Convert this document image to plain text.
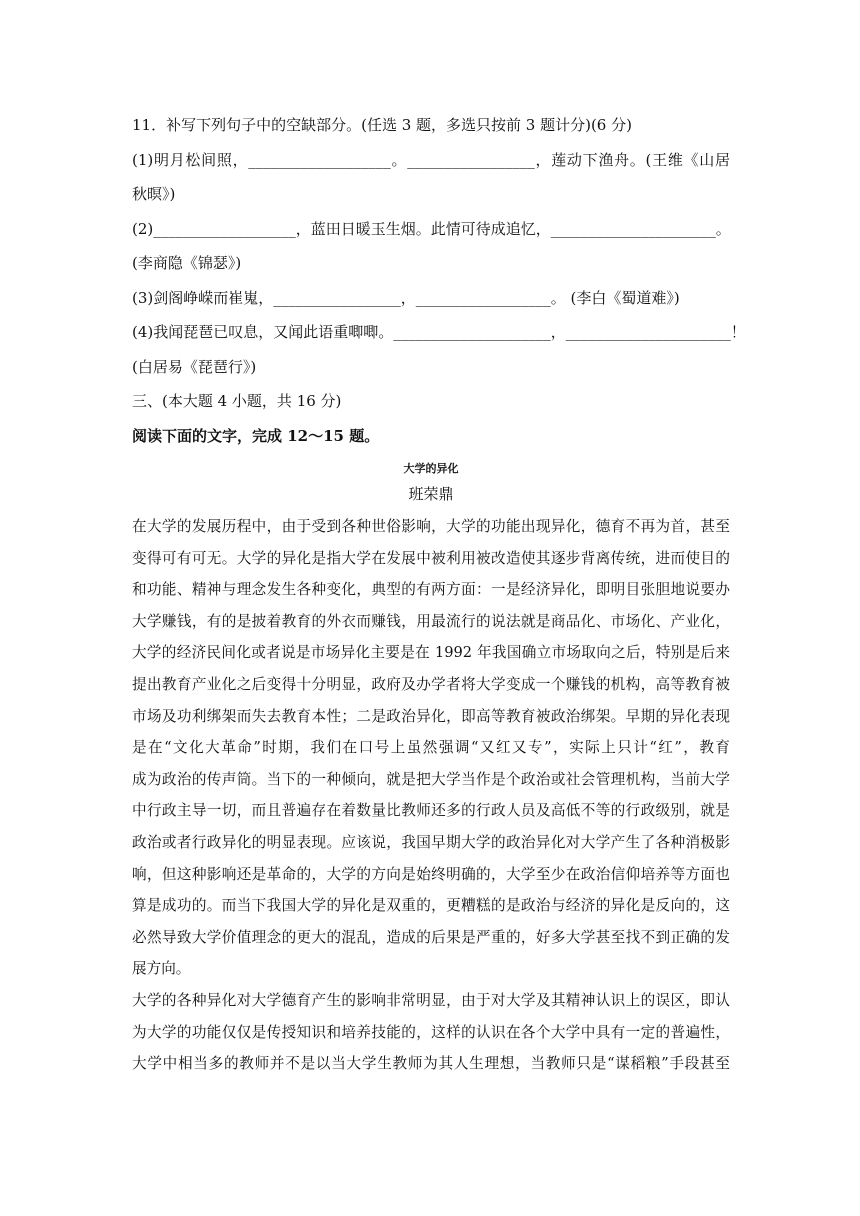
11．补写下列句子中的空缺部分。(任选 3 题，多选只按前 3 题计分)(6 分)
(1)明月松间照，___________________。_________________，莲动下渔舟。(王维《山居
秋暝》)
(2)___________________，蓝田日暖玉生烟。此情可待成追忆，______________________。
(李商隐《锦瑟》)
(3)剑阁峥嵘而崔嵬，_________________，__________________。 (李白《蜀道难》)
(4)我闻琵琶已叹息，又闻此语重唧唧。_____________________，______________________！
(白居易《琵琶行》)
三、(本大题 4 小题，共 16 分)
阅读下面的文字，完成 12～15 题。
大学的异化
班荣鼎
在大学的发展历程中，由于受到各种世俗影响，大学的功能出现异化，德育不再为首，甚至
变得可有可无。大学的异化是指大学在发展中被利用被改造使其逐步背离传统，进而使目的
和功能、精神与理念发生各种变化，典型的有两方面：一是经济异化，即明目张胆地说要办
大学赚钱，有的是披着教育的外衣而赚钱，用最流行的说法就是商品化、市场化、产业化，
大学的经济民间化或者说是市场异化主要是在 1992 年我国确立市场取向之后，特别是后来
提出教育产业化之后变得十分明显，政府及办学者将大学变成一个赚钱的机构，高等教育被
市场及功利绑架而失去教育本性；二是政治异化，即高等教育被政治绑架。早期的异化表现
是在“文化大革命”时期，我们在口号上虽然强调“又红又专”，实际上只计“红”，教育
成为政治的传声筒。当下的一种倾向，就是把大学当作是个政治或社会管理机构，当前大学
中行政主导一切，而且普遍存在着数量比教师还多的行政人员及高低不等的行政级别，就是
政治或者行政异化的明显表现。应该说，我国早期大学的政治异化对大学产生了各种消极影
响，但这种影响还是革命的，大学的方向是始终明确的，大学至少在政治信仰培养等方面也
算是成功的。而当下我国大学的异化是双重的，更糟糕的是政治与经济的异化是反向的，这
必然导致大学价值理念的更大的混乱，造成的后果是严重的，好多大学甚至找不到正确的发
展方向。
大学的各种异化对大学德育产生的影响非常明显，由于对大学及其精神认识上的误区，即认
为大学的功能仅仅是传授知识和培养技能的，这样的认识在各个大学中具有一定的普遍性，
大学中相当多的教师并不是以当大学生教师为其人生理想，当教师只是“谋稻粮”手段甚至
